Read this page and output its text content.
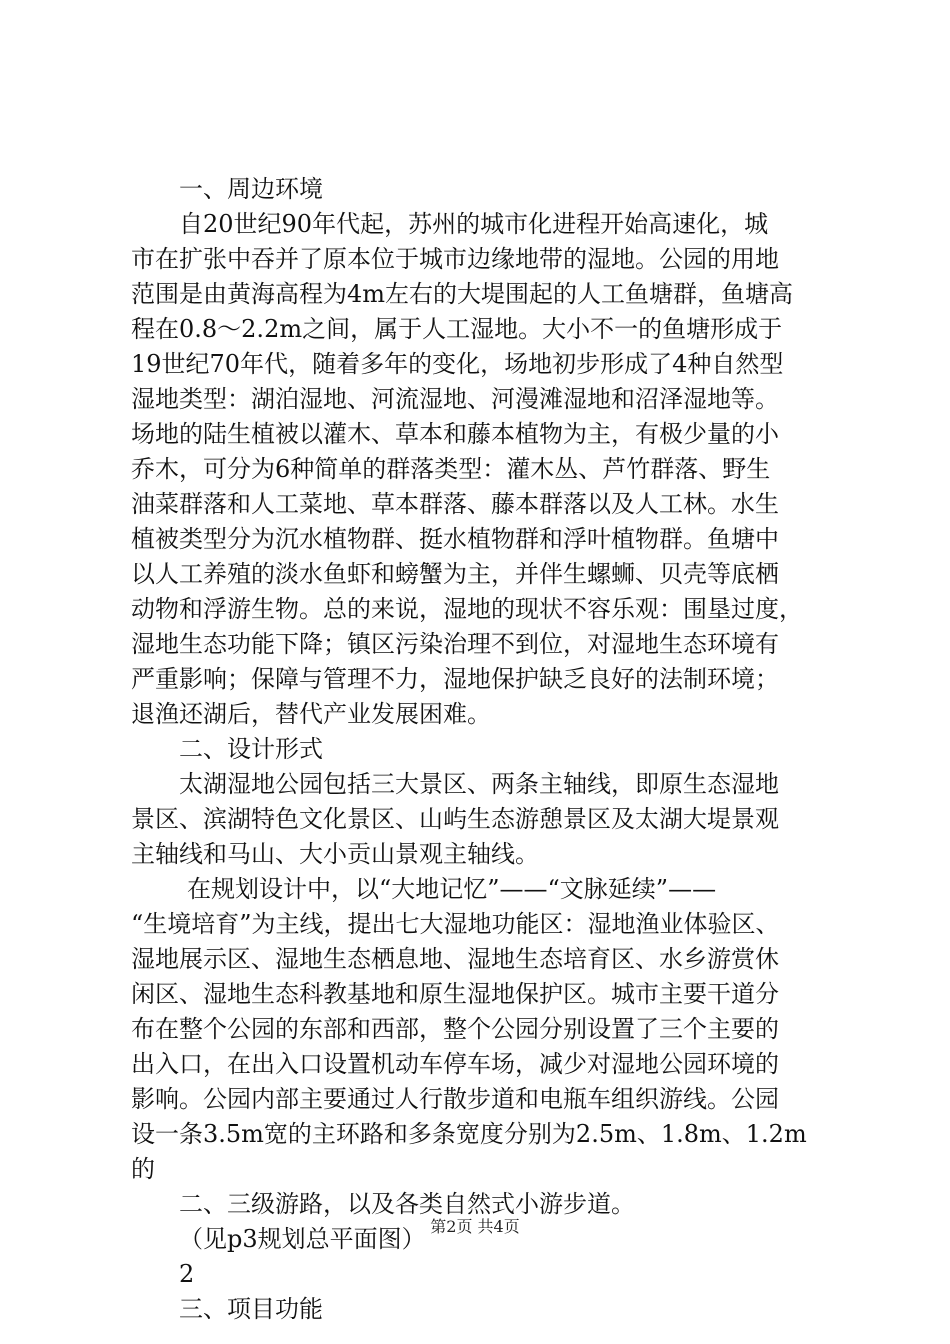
一、周边环境
自20世纪90年代起，苏州的城市化进程开始高速化，城
市在扩张中吞并了原本位于城市边缘地带的湿地。公园的用地
范围是由黄海高程为4m左右的大堤围起的人工鱼塘群，鱼塘高
程在0.8～2.2m之间，属于人工湿地。大小不一的鱼塘形成于
19世纪70年代，随着多年的变化，场地初步形成了4种自然型
湿地类型：湖泊湿地、河流湿地、河漫滩湿地和沼泽湿地等。
场地的陆生植被以灌木、草本和藤本植物为主，有极少量的小
乔木，可分为6种简单的群落类型：灌木丛、芦竹群落、野生
油菜群落和人工菜地、草本群落、藤本群落以及人工林。水生
植被类型分为沉水植物群、挺水植物群和浮叶植物群。鱼塘中
以人工养殖的淡水鱼虾和螃蟹为主，并伴生螺蛳、贝壳等底栖
动物和浮游生物。总的来说，湿地的现状不容乐观：围垦过度，
湿地生态功能下降；镇区污染治理不到位，对湿地生态环境有
严重影响；保障与管理不力，湿地保护缺乏良好的法制环境；
退渔还湖后，替代产业发展困难。
二、设计形式
太湖湿地公园包括三大景区、两条主轴线，即原生态湿地
景区、滨湖特色文化景区、山屿生态游憩景区及太湖大堤景观
主轴线和马山、大小贡山景观主轴线。
在规划设计中，以“大地记忆”——“文脉延续”——
“生境培育”为主线，提出七大湿地功能区：湿地渔业体验区、
湿地展示区、湿地生态栖息地、湿地生态培育区、水乡游赏休
闲区、湿地生态科教基地和原生湿地保护区。城市主要干道分
布在整个公园的东部和西部，整个公园分别设置了三个主要的
出入口，在出入口设置机动车停车场，减少对湿地公园环境的
影响。公园内部主要通过人行散步道和电瓶车组织游线。公园
设一条3.5m宽的主环路和多条宽度分别为2.5m、1.8m、1.2m
的
二、三级游路，以及各类自然式小游步道。
（见p3规划总平面图）
2
三、项目功能
第2页 共4页
